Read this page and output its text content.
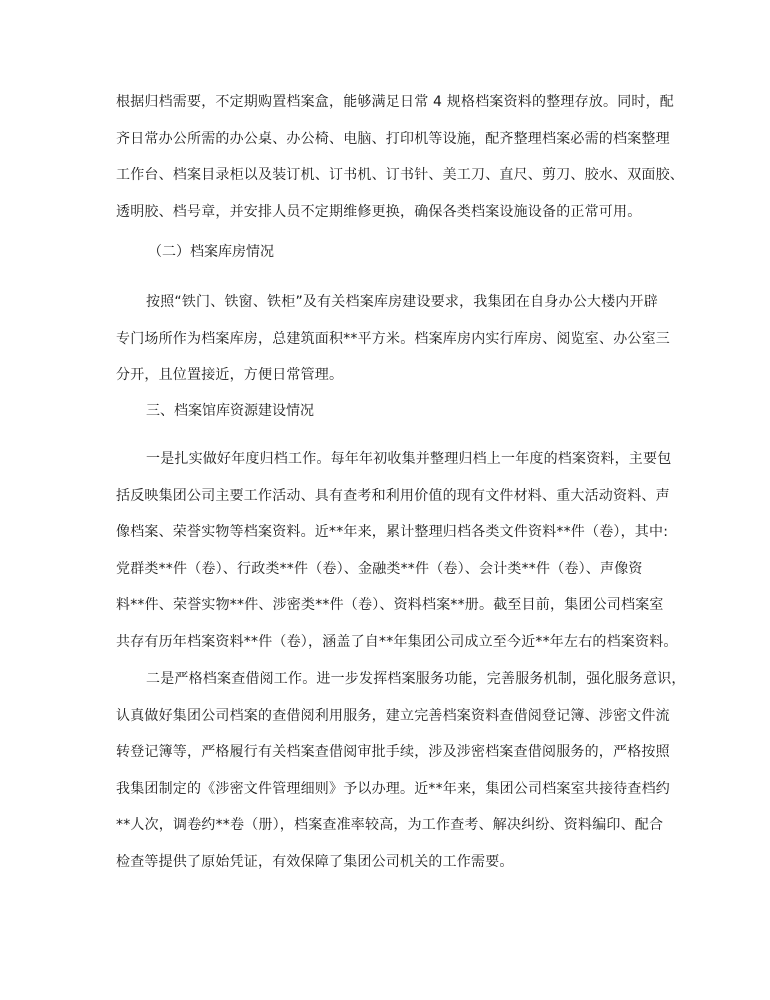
根据归档需要，不定期购置档案盒，能够满足日常 4 规格档案资料的整理存放。同时，配
齐日常办公所需的办公桌、办公椅、电脑、打印机等设施，配齐整理档案必需的档案整理
工作台、档案目录柜以及装订机、订书机、订书针、美工刀、直尺、剪刀、胶水、双面胶、
透明胶、档号章，并安排人员不定期维修更换，确保各类档案设施设备的正常可用。
（二）档案库房情况
按照“铁门、铁窗、铁柜”及有关档案库房建设要求，我集团在自身办公大楼内开辟
专门场所作为档案库房，总建筑面积**平方米。档案库房内实行库房、阅览室、办公室三
分开，且位置接近，方便日常管理。
三、档案馆库资源建设情况
一是扎实做好年度归档工作。每年年初收集并整理归档上一年度的档案资料，主要包
括反映集团公司主要工作活动、具有查考和利用价值的现有文件材料、重大活动资料、声
像档案、荣誉实物等档案资料。近**年来，累计整理归档各类文件资料**件（卷），其中:
党群类**件（卷）、行政类**件（卷）、金融类**件（卷）、会计类**件（卷）、声像资
料**件、荣誉实物**件、涉密类**件（卷）、资料档案**册。截至目前，集团公司档案室
共存有历年档案资料**件（卷），涵盖了自**年集团公司成立至今近**年左右的档案资料。
二是严格档案查借阅工作。进一步发挥档案服务功能，完善服务机制，强化服务意识，
认真做好集团公司档案的查借阅利用服务，建立完善档案资料查借阅登记簿、涉密文件流
转登记簿等，严格履行有关档案查借阅审批手续，涉及涉密档案查借阅服务的，严格按照
我集团制定的《涉密文件管理细则》予以办理。近**年来，集团公司档案室共接待查档约
**人次，调卷约**卷（册），档案查准率较高，为工作查考、解决纠纷、资料编印、配合
检查等提供了原始凭证，有效保障了集团公司机关的工作需要。
